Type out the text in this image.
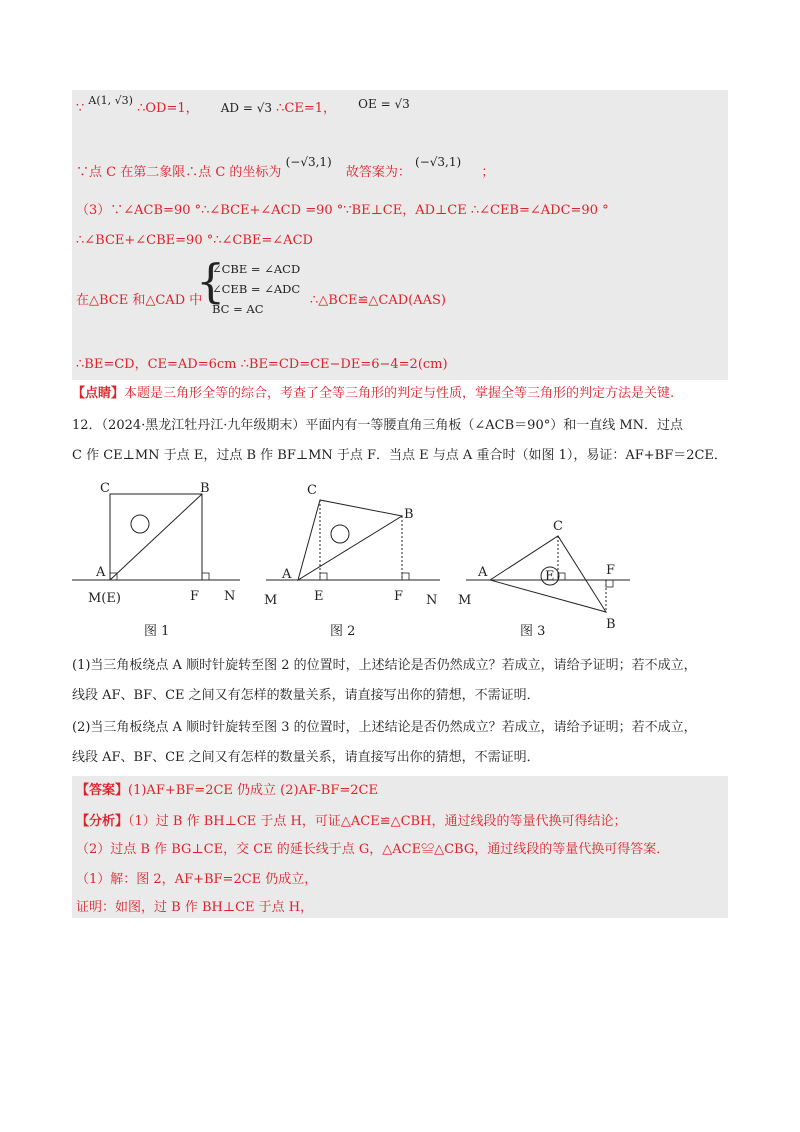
∵ $^{A(1, √3)}$ ∴OD=1， AD = √3 ∴CE=1， OE = √3
∵点 C 在第二象限∴点 C 的坐标为 (−√3,1) 故答案为： (−√3,1) ；
（3）∵∠ACB=90 °∴∠BCE+∠ACD =90 °∵BE⊥CE，AD⊥CE ∴∠CEB=∠ADC=90 °
∴∠BCE+∠CBE=90 °∴∠CBE=∠ACD
在△BCE 和△CAD 中
{
∠CBE = ∠ACD
∠CEB = ∠ADC
BC = AC
∴△BCE≌△CAD(AAS)
∴BE=CD，CE=AD=6cm ∴BE=CD=CE−DE=6−4=2(cm)
【点睛】本题是三角形全等的综合，考查了全等三角形的判定与性质，掌握全等三角形的判定方法是关键.
12．（2024·黑龙江牡丹江·九年级期末）平面内有一等腰直角三角板（∠ACB＝90°）和一直线 MN．过点
C 作 CE⊥MN 于点 E，过点 B 作 BF⊥MN 于点 F．当点 E 与点 A 重合时（如图 1），易证：AF+BF＝2CE．
C	B
A
M(E)	F N
C
B
A
M	E	F N
C
B
A
M
E	F
图 1	图 2	图 3
(1)当三角板绕点 A 顺时针旋转至图 2 的位置时，上述结论是否仍然成立？若成立，请给予证明；若不成立，
线段 AF、BF、CE 之间又有怎样的数量关系，请直接写出你的猜想，不需证明．
(2)当三角板绕点 A 顺时针旋转至图 3 的位置时，上述结论是否仍然成立？若成立，请给予证明；若不成立，
线段 AF、BF、CE 之间又有怎样的数量关系，请直接写出你的猜想，不需证明．
【答案】(1)AF+BF=2CE 仍成立 (2)AF-BF=2CE
【分析】（1）过 B 作 BH⊥CE 于点 H，可证△ACE≌△CBH，通过线段的等量代换可得结论；
（2）过点 B 作 BG⊥CE，交 CE 的延长线于点 G，△ACE≌△CBG，通过线段的等量代换可得答案．
（1）解：图 2，AF+BF=2CE 仍成立，
证明：如图，过 B 作 BH⊥CE 于点 H，
